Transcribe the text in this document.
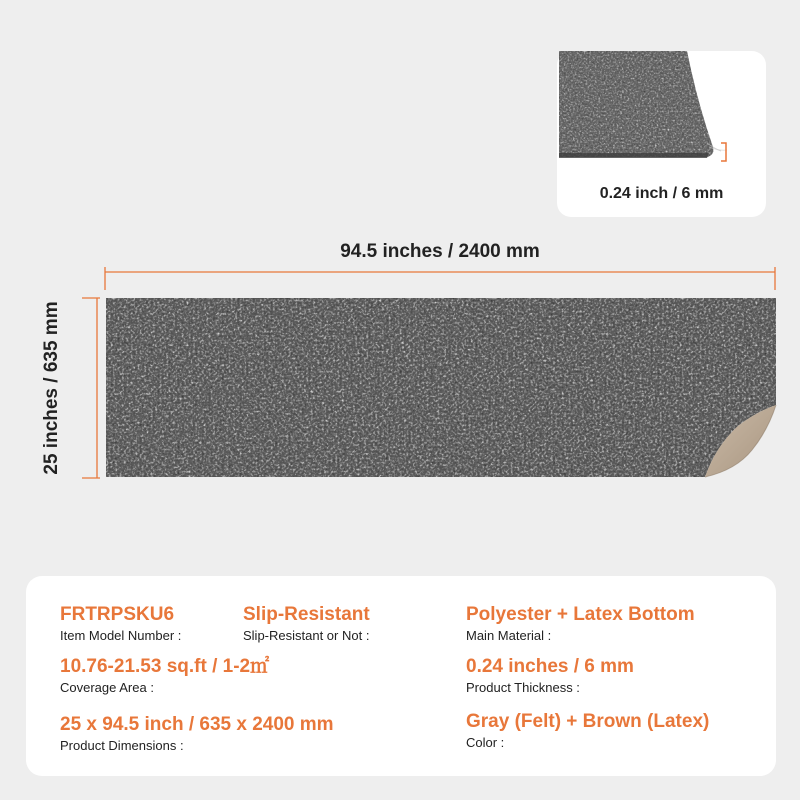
0.24 inch / 6 mm
94.5 inches / 2400 mm
25 inches / 635 mm
FRTRPSKU6
Item Model Number :
Slip-Resistant
Slip-Resistant or Not :
Polyester + Latex Bottom
Main Material :
10.76-21.53 sq.ft / 1-2㎡
Coverage Area :
0.24 inches / 6 mm
Product Thickness :
25 x 94.5 inch / 635 x 2400 mm
Product Dimensions :
Gray (Felt) + Brown (Latex)
Color :
